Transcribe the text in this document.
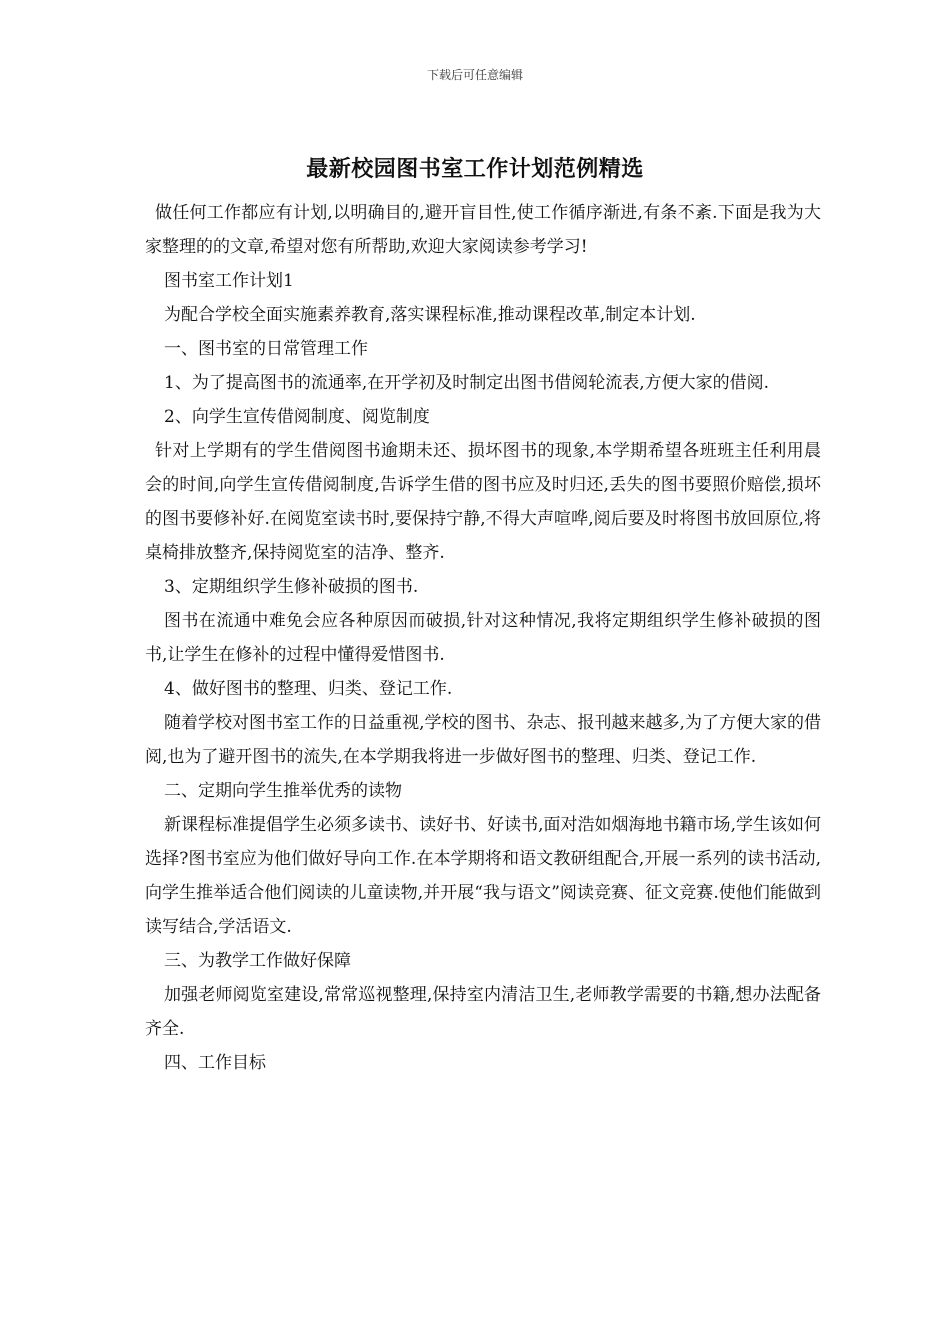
下载后可任意编辑
最新校园图书室工作计划范例精选

做任何工作都应有计划,以明确目的,避开盲目性,使工作循序渐进,有条不紊.下面是我为大家整理的的文章,希望对您有所帮助,欢迎大家阅读参考学习!

图书室工作计划1

为配合学校全面实施素养教育,落实课程标准,推动课程改革,制定本计划.

一、图书室的日常管理工作

1、为了提高图书的流通率,在开学初及时制定出图书借阅轮流表,方便大家的借阅.

2、向学生宣传借阅制度、阅览制度

针对上学期有的学生借阅图书逾期未还、损坏图书的现象,本学期希望各班班主任利用晨会的时间,向学生宣传借阅制度,告诉学生借的图书应及时归还,丢失的图书要照价赔偿,损坏的图书要修补好.在阅览室读书时,要保持宁静,不得大声喧哗,阅后要及时将图书放回原位,将桌椅排放整齐,保持阅览室的洁净、整齐.

3、定期组织学生修补破损的图书.

图书在流通中难免会应各种原因而破损,针对这种情况,我将定期组织学生修补破损的图书,让学生在修补的过程中懂得爱惜图书.

4、做好图书的整理、归类、登记工作.

随着学校对图书室工作的日益重视,学校的图书、杂志、报刊越来越多,为了方便大家的借阅,也为了避开图书的流失,在本学期我将进一步做好图书的整理、归类、登记工作.

二、定期向学生推举优秀的读物

新课程标准提倡学生必须多读书、读好书、好读书,面对浩如烟海地书籍市场,学生该如何选择?图书室应为他们做好导向工作.在本学期将和语文教研组配合,开展一系列的读书活动,向学生推举适合他们阅读的儿童读物,并开展“我与语文”阅读竞赛、征文竞赛.使他们能做到读写结合,学活语文.

三、为教学工作做好保障

加强老师阅览室建设,常常巡视整理,保持室内清洁卫生,老师教学需要的书籍,想办法配备齐全.

四、工作目标
